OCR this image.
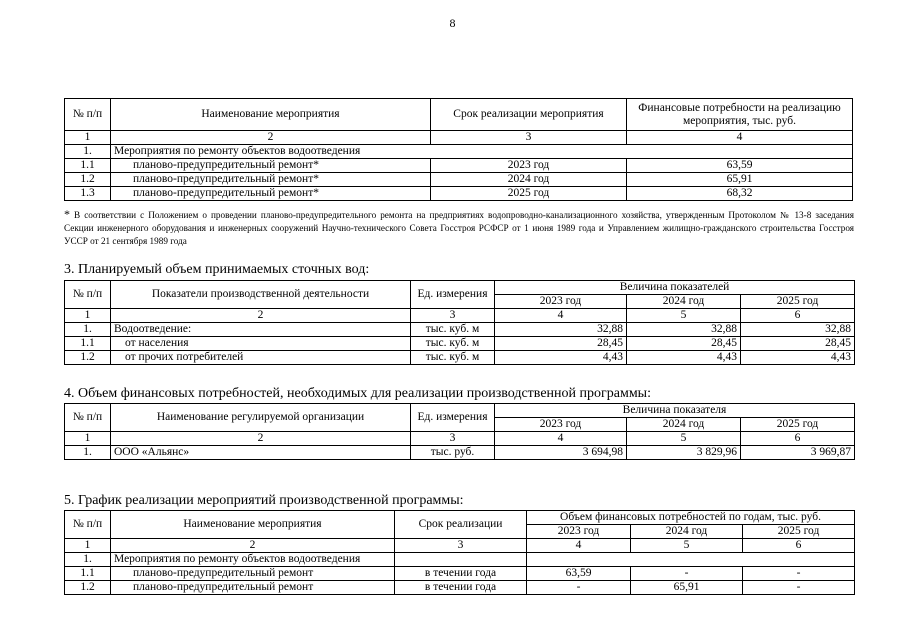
8
№ п/п	Наименование мероприятия	Срок реализации мероприятия	Финансовые потребности на реализацию мероприятия, тыс. руб.
1	2	3	4
1.	Мероприятия по ремонту объектов водоотведения		
1.1	планово-предупредительный ремонт*	2023 год	63,59
1.2	планово-предупредительный ремонт*	2024 год	65,91
1.3	планово-предупредительный ремонт*	2025 год	68,32
* В соответствии с Положением о проведении планово-предупредительного ремонта на предприятиях водопроводно-канализационного хозяйства, утвержденным Протоколом № 13-8 заседания Секции инженерного оборудования и инженерных сооружений Научно-технического Совета Госстроя РСФСР от 1 июня 1989 года и Управлением жилищно-гражданского строительства Госстроя УССР от 21 сентября 1989 года
3. Планируемый объем принимаемых сточных вод:
№ п/п	Показатели производственной деятельности	Ед. измерения	Величина показателей		
			2023 год	2024 год	2025 год
1	2	3	4	5	6
1.	Водоотведение:	тыс. куб. м	32,88	32,88	32,88
1.1	от населения	тыс. куб. м	28,45	28,45	28,45
1.2	от прочих потребителей	тыс. куб. м	4,43	4,43	4,43
4. Объем финансовых потребностей, необходимых для реализации производственной программы:
№ п/п	Наименование регулируемой организации	Ед. измерения	Величина показателя		
			2023 год	2024 год	2025 год
1	2	3	4	5	6
1.	ООО «Альянс»	тыс. руб.	3 694,98	3 829,96	3 969,87
5. График реализации мероприятий производственной программы:
№ п/п	Наименование мероприятия	Срок реализации	Объем финансовых потребностей по годам, тыс. руб.		
			2023 год	2024 год	2025 год
1	2	3	4	5	6
1.	Мероприятия по ремонту объектов водоотведения				
1.1	планово-предупредительный ремонт	в течении года	63,59	-	-
1.2	планово-предупредительный ремонт	в течении года	-	65,91	-
